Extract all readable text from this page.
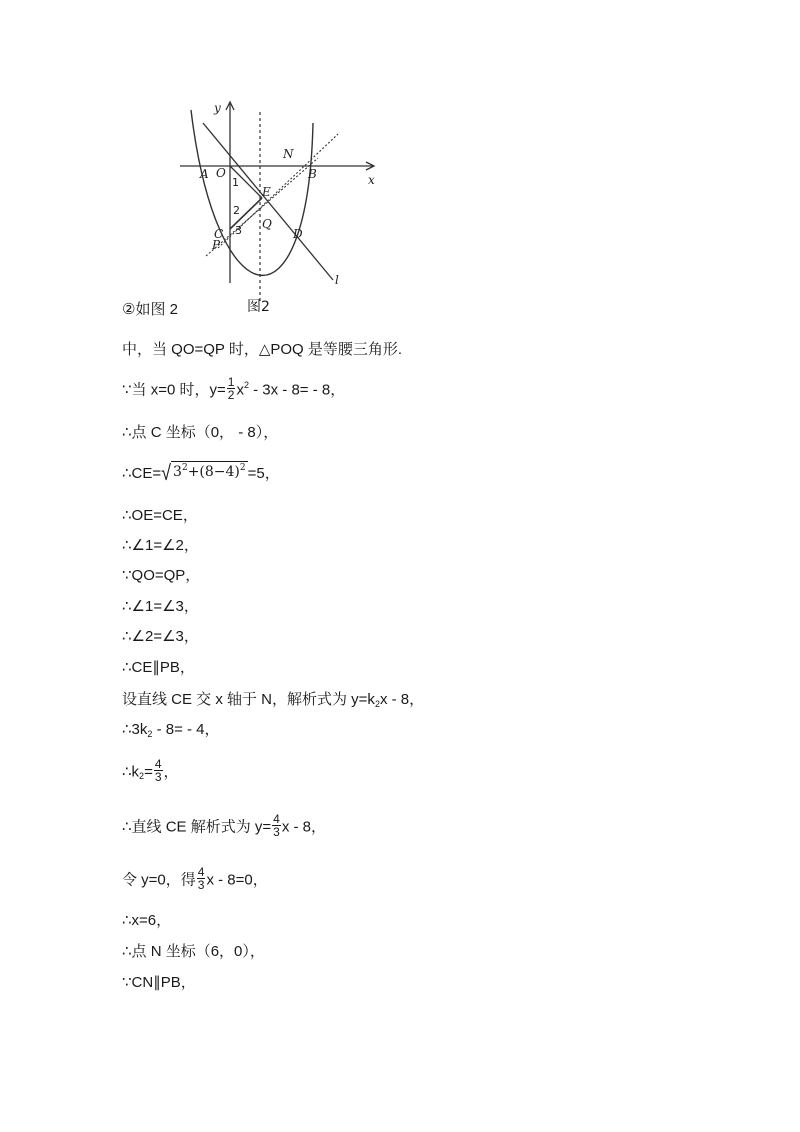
y
x
O
A	B
N
E
Q
D
C
P
l
1
2
3
图2
②如图 2
中，当 QO=QP 时，△POQ 是等腰三角形.
∵当 x=0 时，$y= \frac{1}{2} x^2 - 3x - 8= - 8$，
∴点 C 坐标（0， - 8），
∴CE= √ $3^2+(8-4)^2 =5$，
∴OE=CE，
∴∠1=∠2，
∵QO=QP，
∴∠1=∠3，
∴∠2=∠3，
∴CE∥PB，
设直线 CE 交 x 轴于 N，解析式为 $y=k_2x - 8$，
$\therefore 3k_2 - 8= - 4$，
$\therefore k_2= \frac{4}{3}$ ，
∴直线 CE 解析式为 $y= \frac{4}{3}$ x - 8，
令 y=0，得 $\frac{4}{3}$ x - 8=0，
∴x=6，
∴点 N 坐标（6，0），
∵CN∥PB，
